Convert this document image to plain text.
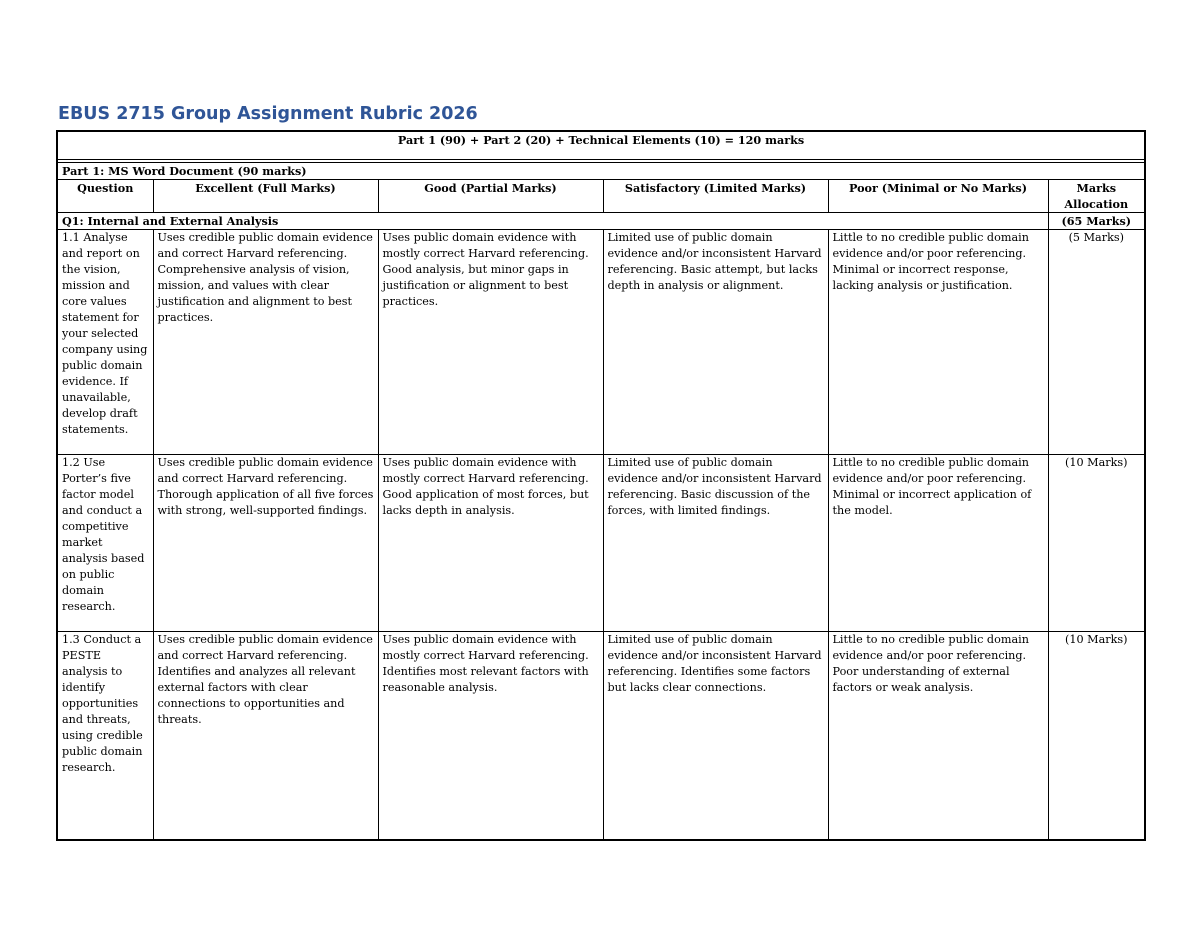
EBUS 2715 Group Assignment Rubric 2026
Part 1 (90) + Part 2 (20) + Technical Elements (10) = 120 marks					

Part 1: MS Word Document (90 marks)					
Question	Excellent (Full Marks)	Good (Partial Marks)	Satisfactory (Limited Marks)	Poor (Minimal or No Marks)	Marks Allocation
Q1: Internal and External Analysis					(65 Marks)
1.1 Analyse and report on the vision, mission and core values statement for your selected company using public domain evidence. If unavailable, develop draft statements.	Uses credible public domain evidence and correct Harvard referencing. Comprehensive analysis of vision, mission, and values with clear justification and alignment to best practices.	Uses public domain evidence with mostly correct Harvard referencing. Good analysis, but minor gaps in justification or alignment to best practices.	Limited use of public domain evidence and/or inconsistent Harvard referencing. Basic attempt, but lacks depth in analysis or alignment.	Little to no credible public domain evidence and/or poor referencing. Minimal or incorrect response, lacking analysis or justification.	(5 Marks)
1.2 Use Porter’s five factor model and conduct a competitive market analysis based on public domain research.	Uses credible public domain evidence and correct Harvard referencing. Thorough application of all five forces with strong, well-supported findings.	Uses public domain evidence with mostly correct Harvard referencing. Good application of most forces, but lacks depth in analysis.	Limited use of public domain evidence and/or inconsistent Harvard referencing. Basic discussion of the forces, with limited findings.	Little to no credible public domain evidence and/or poor referencing. Minimal or incorrect application of the model.	(10 Marks)
1.3 Conduct a PESTE analysis to identify opportunities and threats, using credible public domain research.	Uses credible public domain evidence and correct Harvard referencing. Identifies and analyzes all relevant external factors with clear connections to opportunities and threats.	Uses public domain evidence with mostly correct Harvard referencing. Identifies most relevant factors with reasonable analysis.	Limited use of public domain evidence and/or inconsistent Harvard referencing. Identifies some factors but lacks clear connections.	Little to no credible public domain evidence and/or poor referencing. Poor understanding of external factors or weak analysis.	(10 Marks)
